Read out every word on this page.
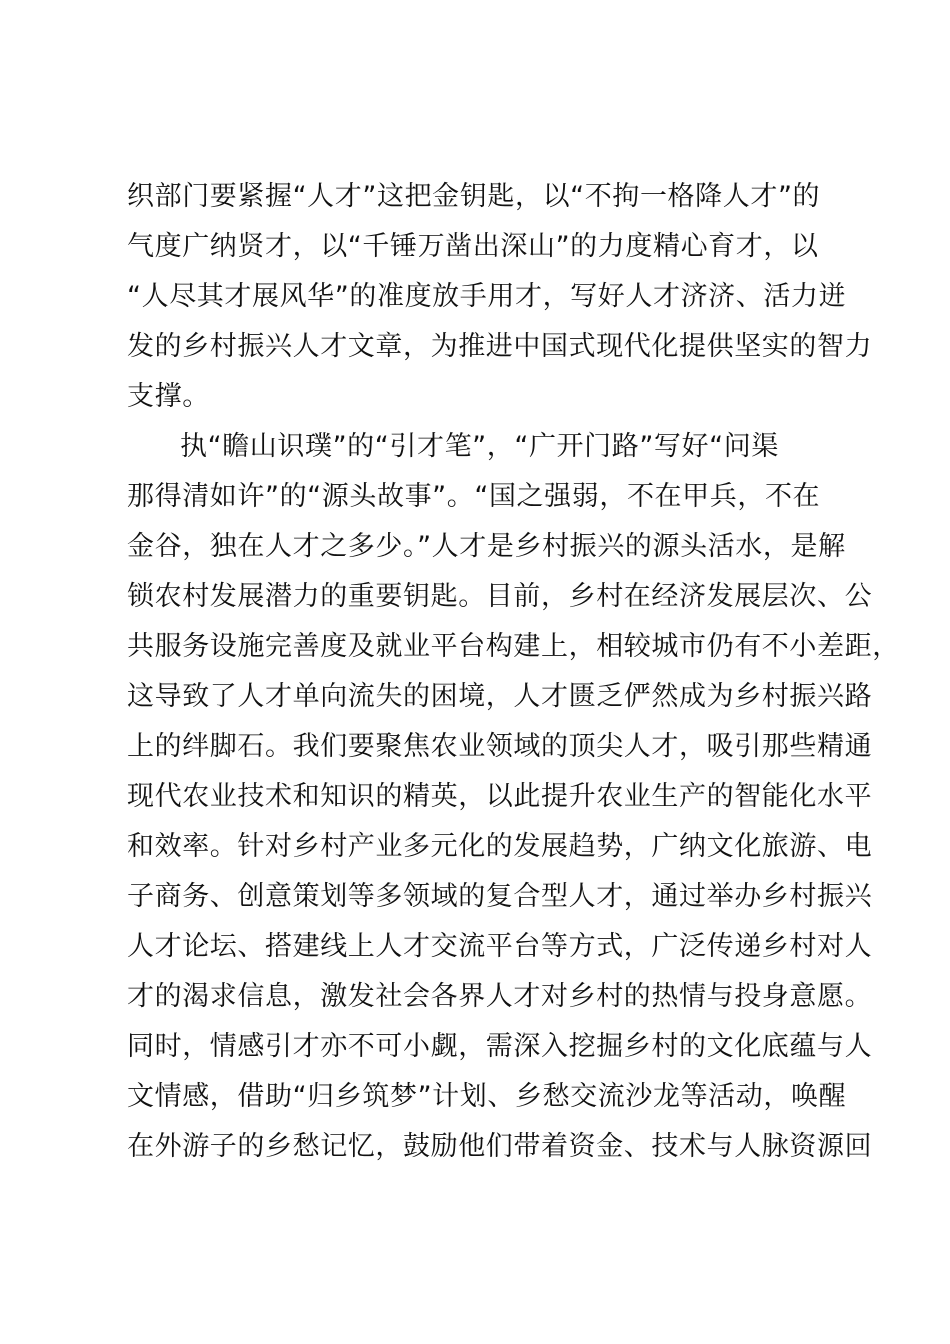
织部门要紧握“人才”这把金钥匙，以“不拘一格降人才”的
气度广纳贤才，以“千锤万凿出深山”的力度精心育才，以
“人尽其才展风华”的准度放手用才，写好人才济济、活力迸
发的乡村振兴人才文章，为推进中国式现代化提供坚实的智力
支撑。
执“瞻山识璞”的“引才笔”，“广开门路”写好“问渠
那得清如许”的“源头故事”。“国之强弱，不在甲兵，不在
金谷，独在人才之多少。”人才是乡村振兴的源头活水，是解
锁农村发展潜力的重要钥匙。目前，乡村在经济发展层次、公
共服务设施完善度及就业平台构建上，相较城市仍有不小差距，
这导致了人才单向流失的困境，人才匮乏俨然成为乡村振兴路
上的绊脚石。我们要聚焦农业领域的顶尖人才，吸引那些精通
现代农业技术和知识的精英，以此提升农业生产的智能化水平
和效率。针对乡村产业多元化的发展趋势，广纳文化旅游、电
子商务、创意策划等多领域的复合型人才，通过举办乡村振兴
人才论坛、搭建线上人才交流平台等方式，广泛传递乡村对人
才的渴求信息，激发社会各界人才对乡村的热情与投身意愿。
同时，情感引才亦不可小觑，需深入挖掘乡村的文化底蕴与人
文情感，借助“归乡筑梦”计划、乡愁交流沙龙等活动，唤醒
在外游子的乡愁记忆，鼓励他们带着资金、技术与人脉资源回
